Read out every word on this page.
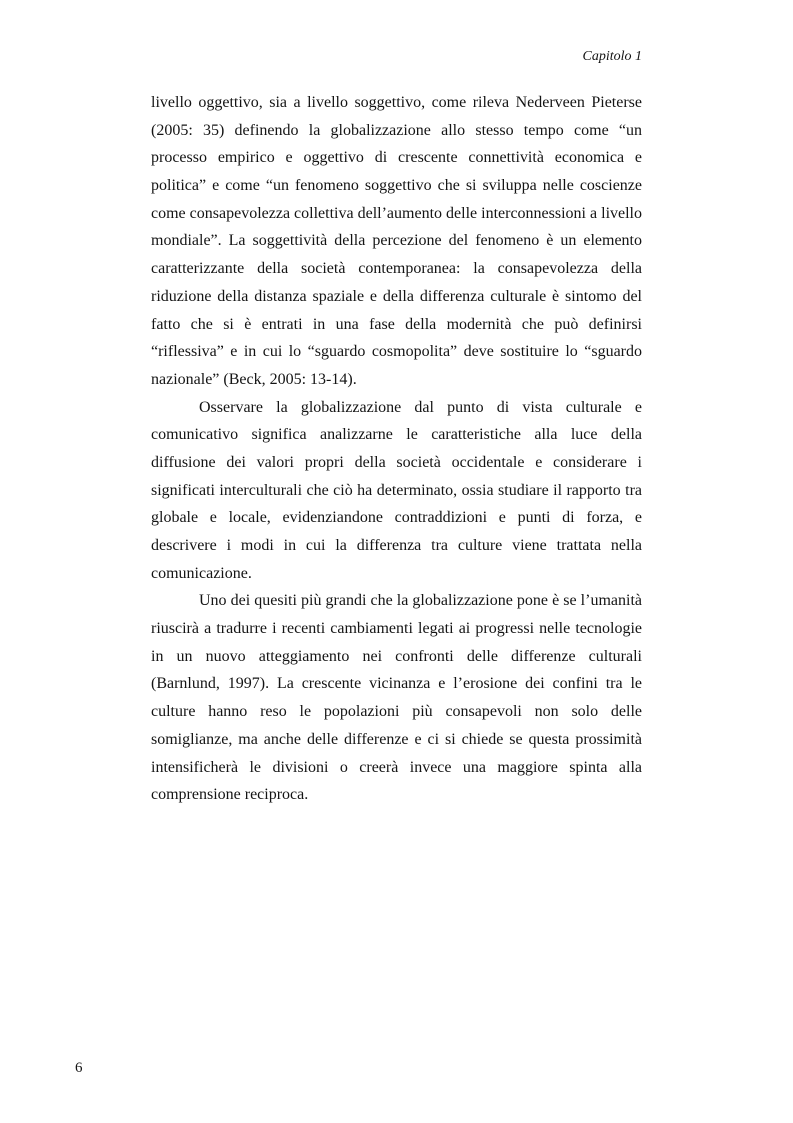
Capitolo 1
livello oggettivo, sia a livello soggettivo, come rileva Nederveen Pieterse
(2005: 35) definendo la globalizzazione allo stesso tempo come “un
processo empirico e oggettivo di crescente connettività economica e
politica” e come “un fenomeno soggettivo che si sviluppa nelle coscienze
come consapevolezza collettiva dell’aumento delle interconnessioni a livello
mondiale”. La soggettività della percezione del fenomeno è un elemento
caratterizzante della società contemporanea: la consapevolezza della
riduzione della distanza spaziale e della differenza culturale è sintomo del
fatto che si è entrati in una fase della modernità che può definirsi
“riflessiva” e in cui lo “sguardo cosmopolita” deve sostituire lo “sguardo
nazionale” (Beck, 2005: 13-14).
Osservare la globalizzazione dal punto di vista culturale e
comunicativo significa analizzarne le caratteristiche alla luce della
diffusione dei valori propri della società occidentale e considerare i
significati interculturali che ciò ha determinato, ossia studiare il rapporto tra
globale e locale, evidenziandone contraddizioni e punti di forza, e
descrivere i modi in cui la differenza tra culture viene trattata nella
comunicazione.
Uno dei quesiti più grandi che la globalizzazione pone è se l’umanità
riuscirà a tradurre i recenti cambiamenti legati ai progressi nelle tecnologie
in un nuovo atteggiamento nei confronti delle differenze culturali
(Barnlund, 1997). La crescente vicinanza e l’erosione dei confini tra le
culture hanno reso le popolazioni più consapevoli non solo delle
somiglianze, ma anche delle differenze e ci si chiede se questa prossimità
intensificherà le divisioni o creerà invece una maggiore spinta alla
comprensione reciproca.
6
